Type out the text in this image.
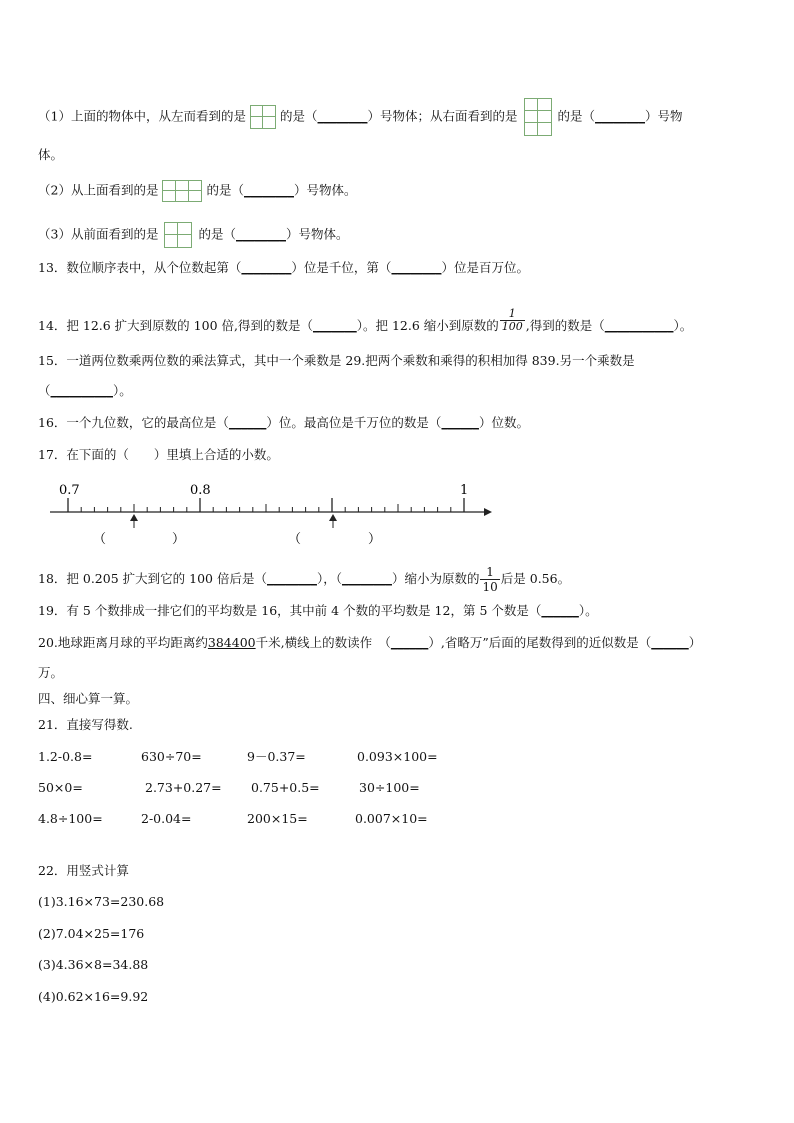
（1）上面的物体中，从左而看到的是	的是（________）号物体；从右面看到的是	的是（________）号物
体。
（2）从上面看到的是	的是（________）号物体。
（3）从前面看到的是	的是（________）号物体。
13．数位顺序表中，从个位数起第（________）位是千位，第（________）位是百万位。
14．把 12.6 扩大到原数的 100 倍,得到的数是（_______）。把 12.6 缩小到原数的 $\frac{1}{100}$ ,得到的数是（___________）。
15．一道两位数乘两位数的乘法算式，其中一个乘数是 29.把两个乘数和乘得的积相加得 839.另一个乘数是
（__________）。
16．一个九位数，它的最高位是（______）位。最高位是千万位的数是（______）位数。
17．在下面的（　　）里填上合适的小数。
0.7	0.8	1
（	）	（	）
18．把 0.205 扩大到它的 100 倍后是（________），（________）缩小为原数的 $\frac{1}{10}$ 后是 0.56。
19．有 5 个数排成一排它们的平均数是 16，其中前 4 个数的平均数是 12，第 5 个数是（______）。
20.地球距离月球的平均距离约384400千米,横线上的数读作　（______）,省略万”后面的尾数得到的近似数是（______）
万。
四、细心算一算。
21．直接写得数.
1.2-0.8=	630÷70=	9－0.37=	0.093×100=
50×0=	2.73+0.27= 0.75+0.5=	30÷100=
4.8÷100=	2-0.04=	200×15=	0.007×10=
22．用竖式计算
(1)3.16×73=230.68
(2)7.04×25=176
(3)4.36×8=34.88
(4)0.62×16=9.92
